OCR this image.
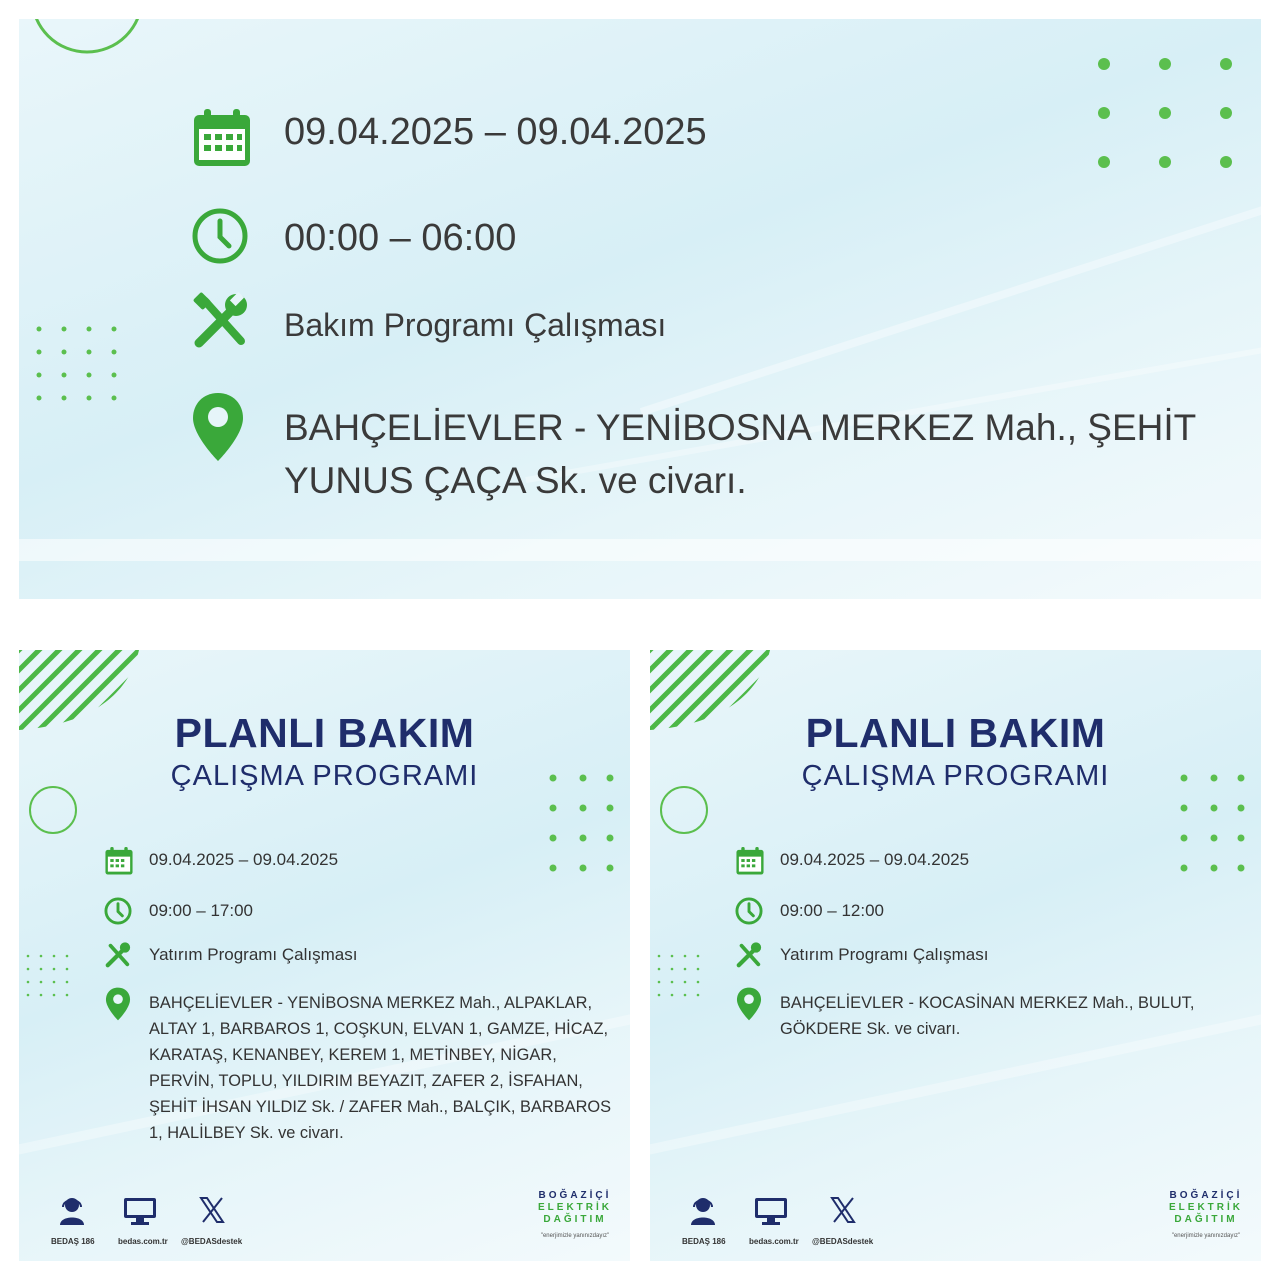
09.04.2025 – 09.04.2025
00:00 – 06:00
Bakım Programı Çalışması
BAHÇELİEVLER - YENİBOSNA MERKEZ Mah., ŞEHİT YUNUS ÇAÇA Sk. ve civarı.
PLANLI BAKIM
ÇALIŞMA PROGRAMI
09.04.2025 – 09.04.2025
09:00 – 17:00
Yatırım Programı Çalışması
BAHÇELİEVLER - YENİBOSNA MERKEZ Mah., ALPAKLAR, ALTAY 1, BARBAROS 1, COŞKUN, ELVAN 1, GAMZE, HİCAZ, KARATAŞ, KENANBEY, KEREM 1, METİNBEY, NİGAR, PERVİN, TOPLU, YILDIRIM BEYAZIT, ZAFER 2, İSFAHAN, ŞEHİT İHSAN YILDIZ Sk. / ZAFER Mah., BALÇIK, BARBAROS 1, HALİLBEY Sk. ve civarı.
BEDAŞ 186	bedas.com.tr @BEDASdestek
BOĞAZİÇİ
ELEKTRİK
DAĞITIM
"enerjimizle yanınızdayız"
PLANLI BAKIM
ÇALIŞMA PROGRAMI
09.04.2025 – 09.04.2025
09:00 – 12:00
Yatırım Programı Çalışması
BAHÇELİEVLER - KOCASİNAN MERKEZ Mah., BULUT, GÖKDERE Sk. ve civarı.
BEDAŞ 186	bedas.com.tr @BEDASdestek
BOĞAZİÇİ
ELEKTRİK
DAĞITIM
"enerjimizle yanınızdayız"
